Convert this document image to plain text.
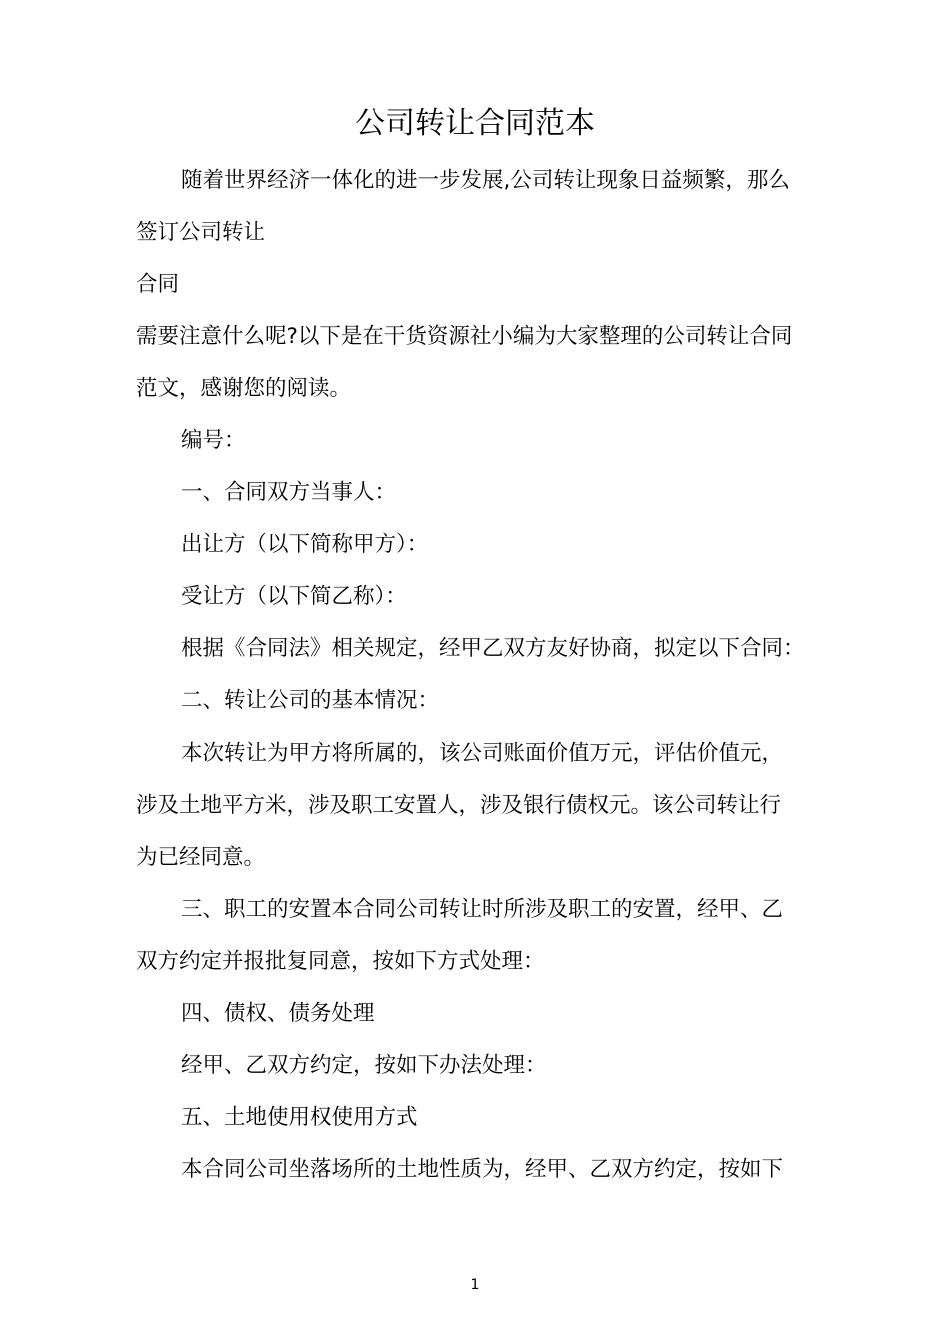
公司转让合同范本
随着世界经济一体化的进一步发展,公司转让现象日益频繁，那么
签订公司转让
合同
需要注意什么呢?以下是在干货资源社小编为大家整理的公司转让合同
范文，感谢您的阅读。
编号：
一、合同双方当事人：
出让方（以下简称甲方）：
受让方（以下简乙称）：
根据《合同法》相关规定，经甲乙双方友好协商，拟定以下合同：
二、转让公司的基本情况：
本次转让为甲方将所属的，该公司账面价值万元，评估价值元，
涉及土地平方米，涉及职工安置人，涉及银行债权元。该公司转让行
为已经同意。
三、职工的安置本合同公司转让时所涉及职工的安置，经甲、乙
双方约定并报批复同意，按如下方式处理：
四、债权、债务处理
经甲、乙双方约定，按如下办法处理：
五、土地使用权使用方式
本合同公司坐落场所的土地性质为，经甲、乙双方约定，按如下
1
